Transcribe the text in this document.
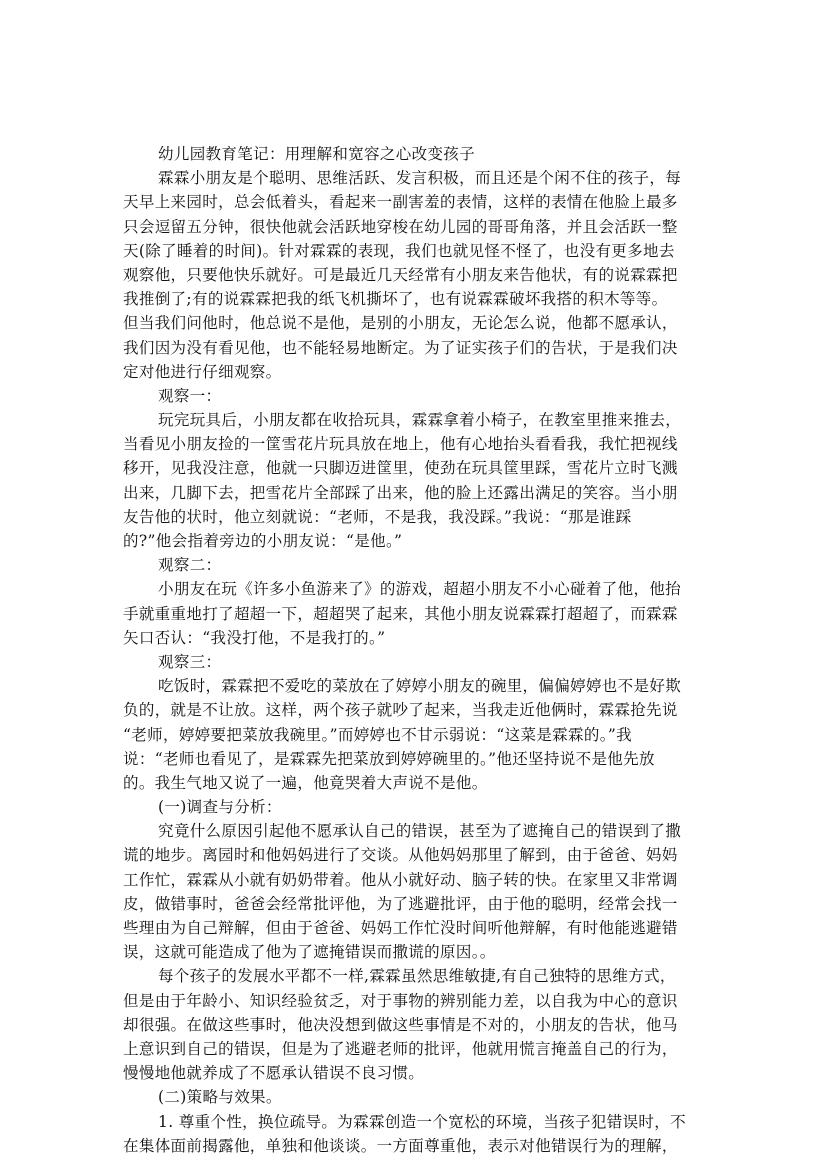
幼儿园教育笔记：用理解和宽容之心改变孩子
霖霖小朋友是个聪明、思维活跃、发言积极，而且还是个闲不住的孩子，每
天早上来园时，总会低着头，看起来一副害羞的表情，这样的表情在他脸上最多
只会逗留五分钟，很快他就会活跃地穿梭在幼儿园的哥哥角落，并且会活跃一整
天(除了睡着的时间)。针对霖霖的表现，我们也就见怪不怪了，也没有更多地去
观察他，只要他快乐就好。可是最近几天经常有小朋友来告他状，有的说霖霖把
我推倒了;有的说霖霖把我的纸飞机撕坏了，也有说霖霖破坏我搭的积木等等。
但当我们问他时，他总说不是他，是别的小朋友，无论怎么说，他都不愿承认，
我们因为没有看见他，也不能轻易地断定。为了证实孩子们的告状，于是我们决
定对他进行仔细观察。
观察一：
玩完玩具后，小朋友都在收拾玩具，霖霖拿着小椅子，在教室里推来推去，
当看见小朋友捡的一筐雪花片玩具放在地上，他有心地抬头看看我，我忙把视线
移开，见我没注意，他就一只脚迈进筐里，使劲在玩具筐里踩，雪花片立时飞溅
出来，几脚下去，把雪花片全部踩了出来，他的脸上还露出满足的笑容。当小朋
友告他的状时，他立刻就说：“老师，不是我，我没踩。”我说：“那是谁踩
的?”他会指着旁边的小朋友说：“是他。”
观察二：
小朋友在玩《许多小鱼游来了》的游戏，超超小朋友不小心碰着了他，他抬
手就重重地打了超超一下，超超哭了起来，其他小朋友说霖霖打超超了，而霖霖
矢口否认：“我没打他，不是我打的。”
观察三：
吃饭时，霖霖把不爱吃的菜放在了婷婷小朋友的碗里，偏偏婷婷也不是好欺
负的，就是不让放。这样，两个孩子就吵了起来，当我走近他俩时，霖霖抢先说
“老师，婷婷要把菜放我碗里。”而婷婷也不甘示弱说：“这菜是霖霖的。”我
说：“老师也看见了，是霖霖先把菜放到婷婷碗里的。”他还坚持说不是他先放
的。我生气地又说了一遍，他竟哭着大声说不是他。
(一)调查与分析：
究竟什么原因引起他不愿承认自己的错误，甚至为了遮掩自己的错误到了撒
谎的地步。离园时和他妈妈进行了交谈。从他妈妈那里了解到，由于爸爸、妈妈
工作忙，霖霖从小就有奶奶带着。他从小就好动、脑子转的快。在家里又非常调
皮，做错事时，爸爸会经常批评他，为了逃避批评，由于他的聪明，经常会找一
些理由为自己辩解，但由于爸爸、妈妈工作忙没时间听他辩解，有时他能逃避错
误，这就可能造成了他为了遮掩错误而撒谎的原因。。
每个孩子的发展水平都不一样,霖霖虽然思维敏捷,有自己独特的思维方式，
但是由于年龄小、知识经验贫乏，对于事物的辨别能力差，以自我为中心的意识
却很强。在做这些事时，他决没想到做这些事情是不对的，小朋友的告状，他马
上意识到自己的错误，但是为了逃避老师的批评，他就用慌言掩盖自己的行为，
慢慢地他就养成了不愿承认错误不良习惯。
(二)策略与效果。
1. 尊重个性，换位疏导。为霖霖创造一个宽松的环境，当孩子犯错误时，不
在集体面前揭露他，单独和他谈谈。一方面尊重他，表示对他错误行为的理解，
